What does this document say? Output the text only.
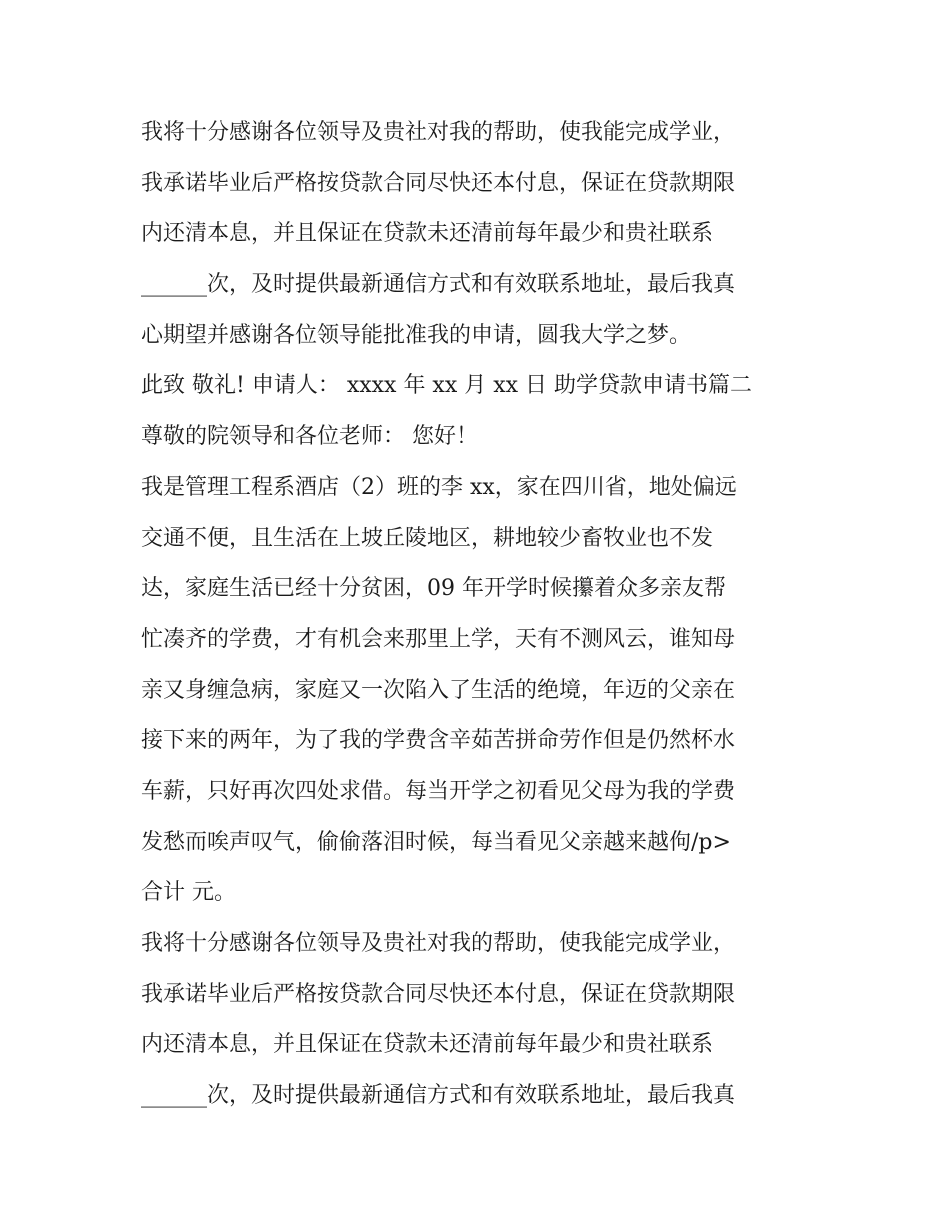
我将十分感谢各位领导及贵社对我的帮助，使我能完成学业，
我承诺毕业后严格按贷款合同尽快还本付息，保证在贷款期限
内还清本息，并且保证在贷款未还清前每年最少和贵社联系
______次，及时提供最新通信方式和有效联系地址，最后我真
心期望并感谢各位领导能批准我的申请，圆我大学之梦。
此致 敬礼! 申请人： xxxx 年 xx 月 xx 日 助学贷款申请书篇二
尊敬的院领导和各位老师： 您好！
我是管理工程系酒店（2）班的李 xx，家在四川省，地处偏远
交通不便，且生活在上坡丘陵地区，耕地较少畜牧业也不发
达，家庭生活已经十分贫困，09 年开学时候攥着众多亲友帮
忙凑齐的学费，才有机会来那里上学，天有不测风云，谁知母
亲又身缠急病，家庭又一次陷入了生活的绝境，年迈的父亲在
接下来的两年，为了我的学费含辛茹苦拼命劳作但是仍然杯水
车薪，只好再次四处求借。每当开学之初看见父母为我的学费
发愁而唉声叹气，偷偷落泪时候，每当看见父亲越来越佝/p>
合计 元。
我将十分感谢各位领导及贵社对我的帮助，使我能完成学业，
我承诺毕业后严格按贷款合同尽快还本付息，保证在贷款期限
内还清本息，并且保证在贷款未还清前每年最少和贵社联系
______次，及时提供最新通信方式和有效联系地址，最后我真
